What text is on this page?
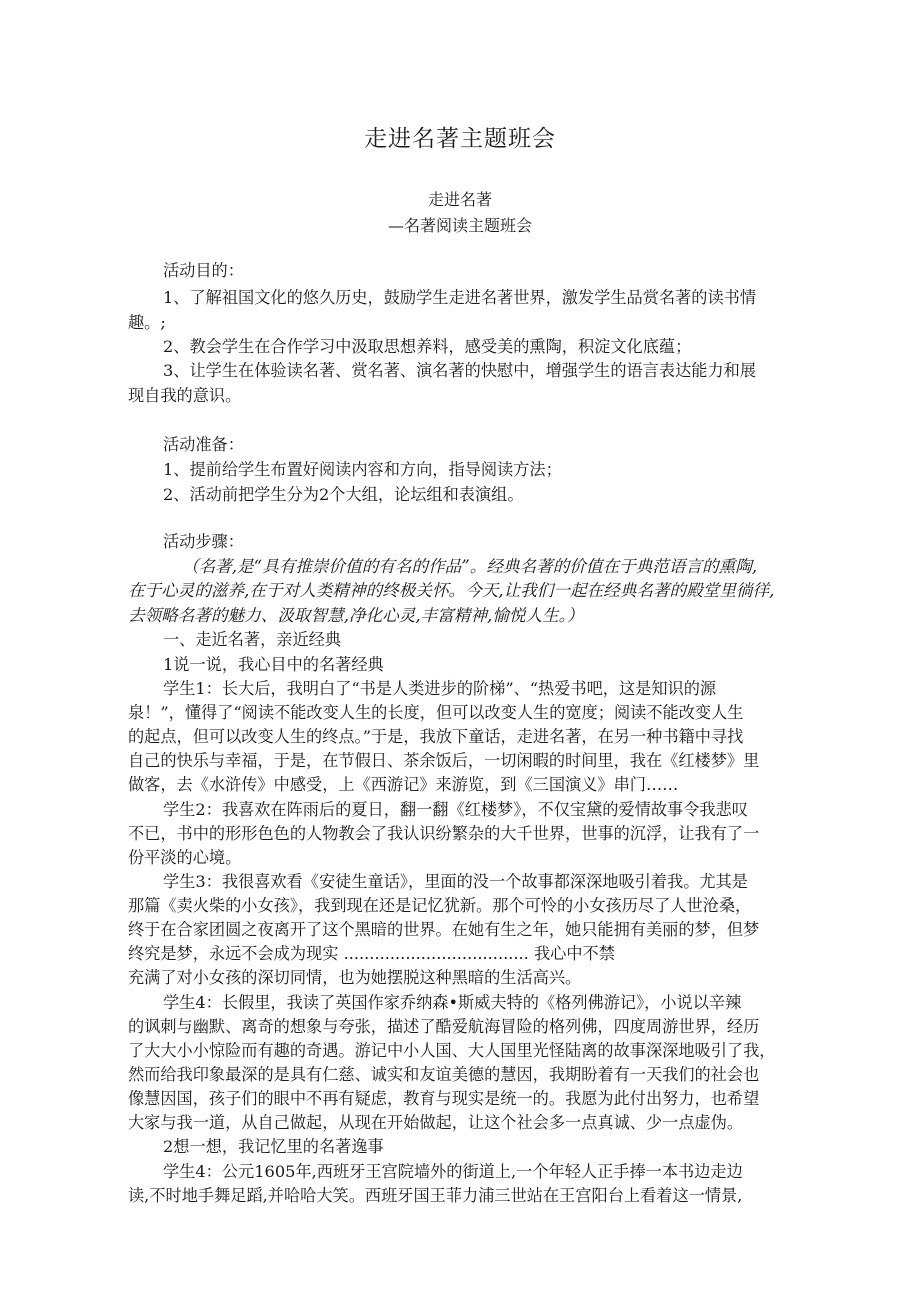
走进名著主题班会
走进名著
—名著阅读主题班会
活动目的：
1、了解祖国文化的悠久历史，鼓励学生走进名著世界，激发学生品赏名著的读书情
趣。;
2、教会学生在合作学习中汲取思想养料，感受美的熏陶，积淀文化底蕴；
3、让学生在体验读名著、赏名著、演名著的快慰中，增强学生的语言表达能力和展
现自我的意识。
活动准备：
1、提前给学生布置好阅读内容和方向，指导阅读方法；
2、活动前把学生分为2个大组，论坛组和表演组。
活动步骤：
（名著,是“具有推崇价值的有名的作品”。经典名著的价值在于典范语言的熏陶,
在于心灵的滋养,在于对人类精神的终极关怀。今天,让我们一起在经典名著的殿堂里徜徉,
去领略名著的魅力、汲取智慧,净化心灵,丰富精神,愉悦人生。）
一、走近名著，亲近经典
1说一说，我心目中的名著经典
学生1：长大后，我明白了“书是人类进步的阶梯”、“热爱书吧，这是知识的源
泉！”，懂得了“阅读不能改变人生的长度，但可以改变人生的宽度；阅读不能改变人生
的起点，但可以改变人生的终点。”于是，我放下童话，走进名著，在另一种书籍中寻找
自己的快乐与幸福，于是，在节假日、茶余饭后，一切闲暇的时间里，我在《红楼梦》里
做客，去《水浒传》中感受，上《西游记》来游览，到《三国演义》串门……
学生2：我喜欢在阵雨后的夏日，翻一翻《红楼梦》，不仅宝黛的爱情故事令我悲叹
不已，书中的形形色色的人物教会了我认识纷繁杂的大千世界，世事的沉浮，让我有了一
份平淡的心境。
学生3：我很喜欢看《安徒生童话》，里面的没一个故事都深深地吸引着我。尤其是
那篇《卖火柴的小女孩》，我到现在还是记忆犹新。那个可怜的小女孩历尽了人世沧桑，
终于在合家团圆之夜离开了这个黑暗的世界。在她有生之年，她只能拥有美丽的梦，但梦
终究是梦，永远不会成为现实 .................................... 我心中不禁
充满了对小女孩的深切同情，也为她摆脱这种黑暗的生活高兴。
学生4：长假里，我读了英国作家乔纳森•斯威夫特的《格列佛游记》，小说以辛辣
的讽刺与幽默、离奇的想象与夸张，描述了酷爱航海冒险的格列佛，四度周游世界，经历
了大大小小惊险而有趣的奇遇。游记中小人国、大人国里光怪陆离的故事深深地吸引了我，
然而给我印象最深的是具有仁慈、诚实和友谊美德的慧因，我期盼着有一天我们的社会也
像慧因国，孩子们的眼中不再有疑虑，教育与现实是统一的。我愿为此付出努力，也希望
大家与我一道，从自己做起，从现在开始做起，让这个社会多一点真诚、少一点虚伪。
2想一想，我记忆里的名著逸事
学生4：公元1605年,西班牙王宫院墙外的街道上,一个年轻人正手捧一本书边走边
读,不时地手舞足蹈,并哈哈大笑。西班牙国王菲力浦三世站在王宫阳台上看着这一情景,
